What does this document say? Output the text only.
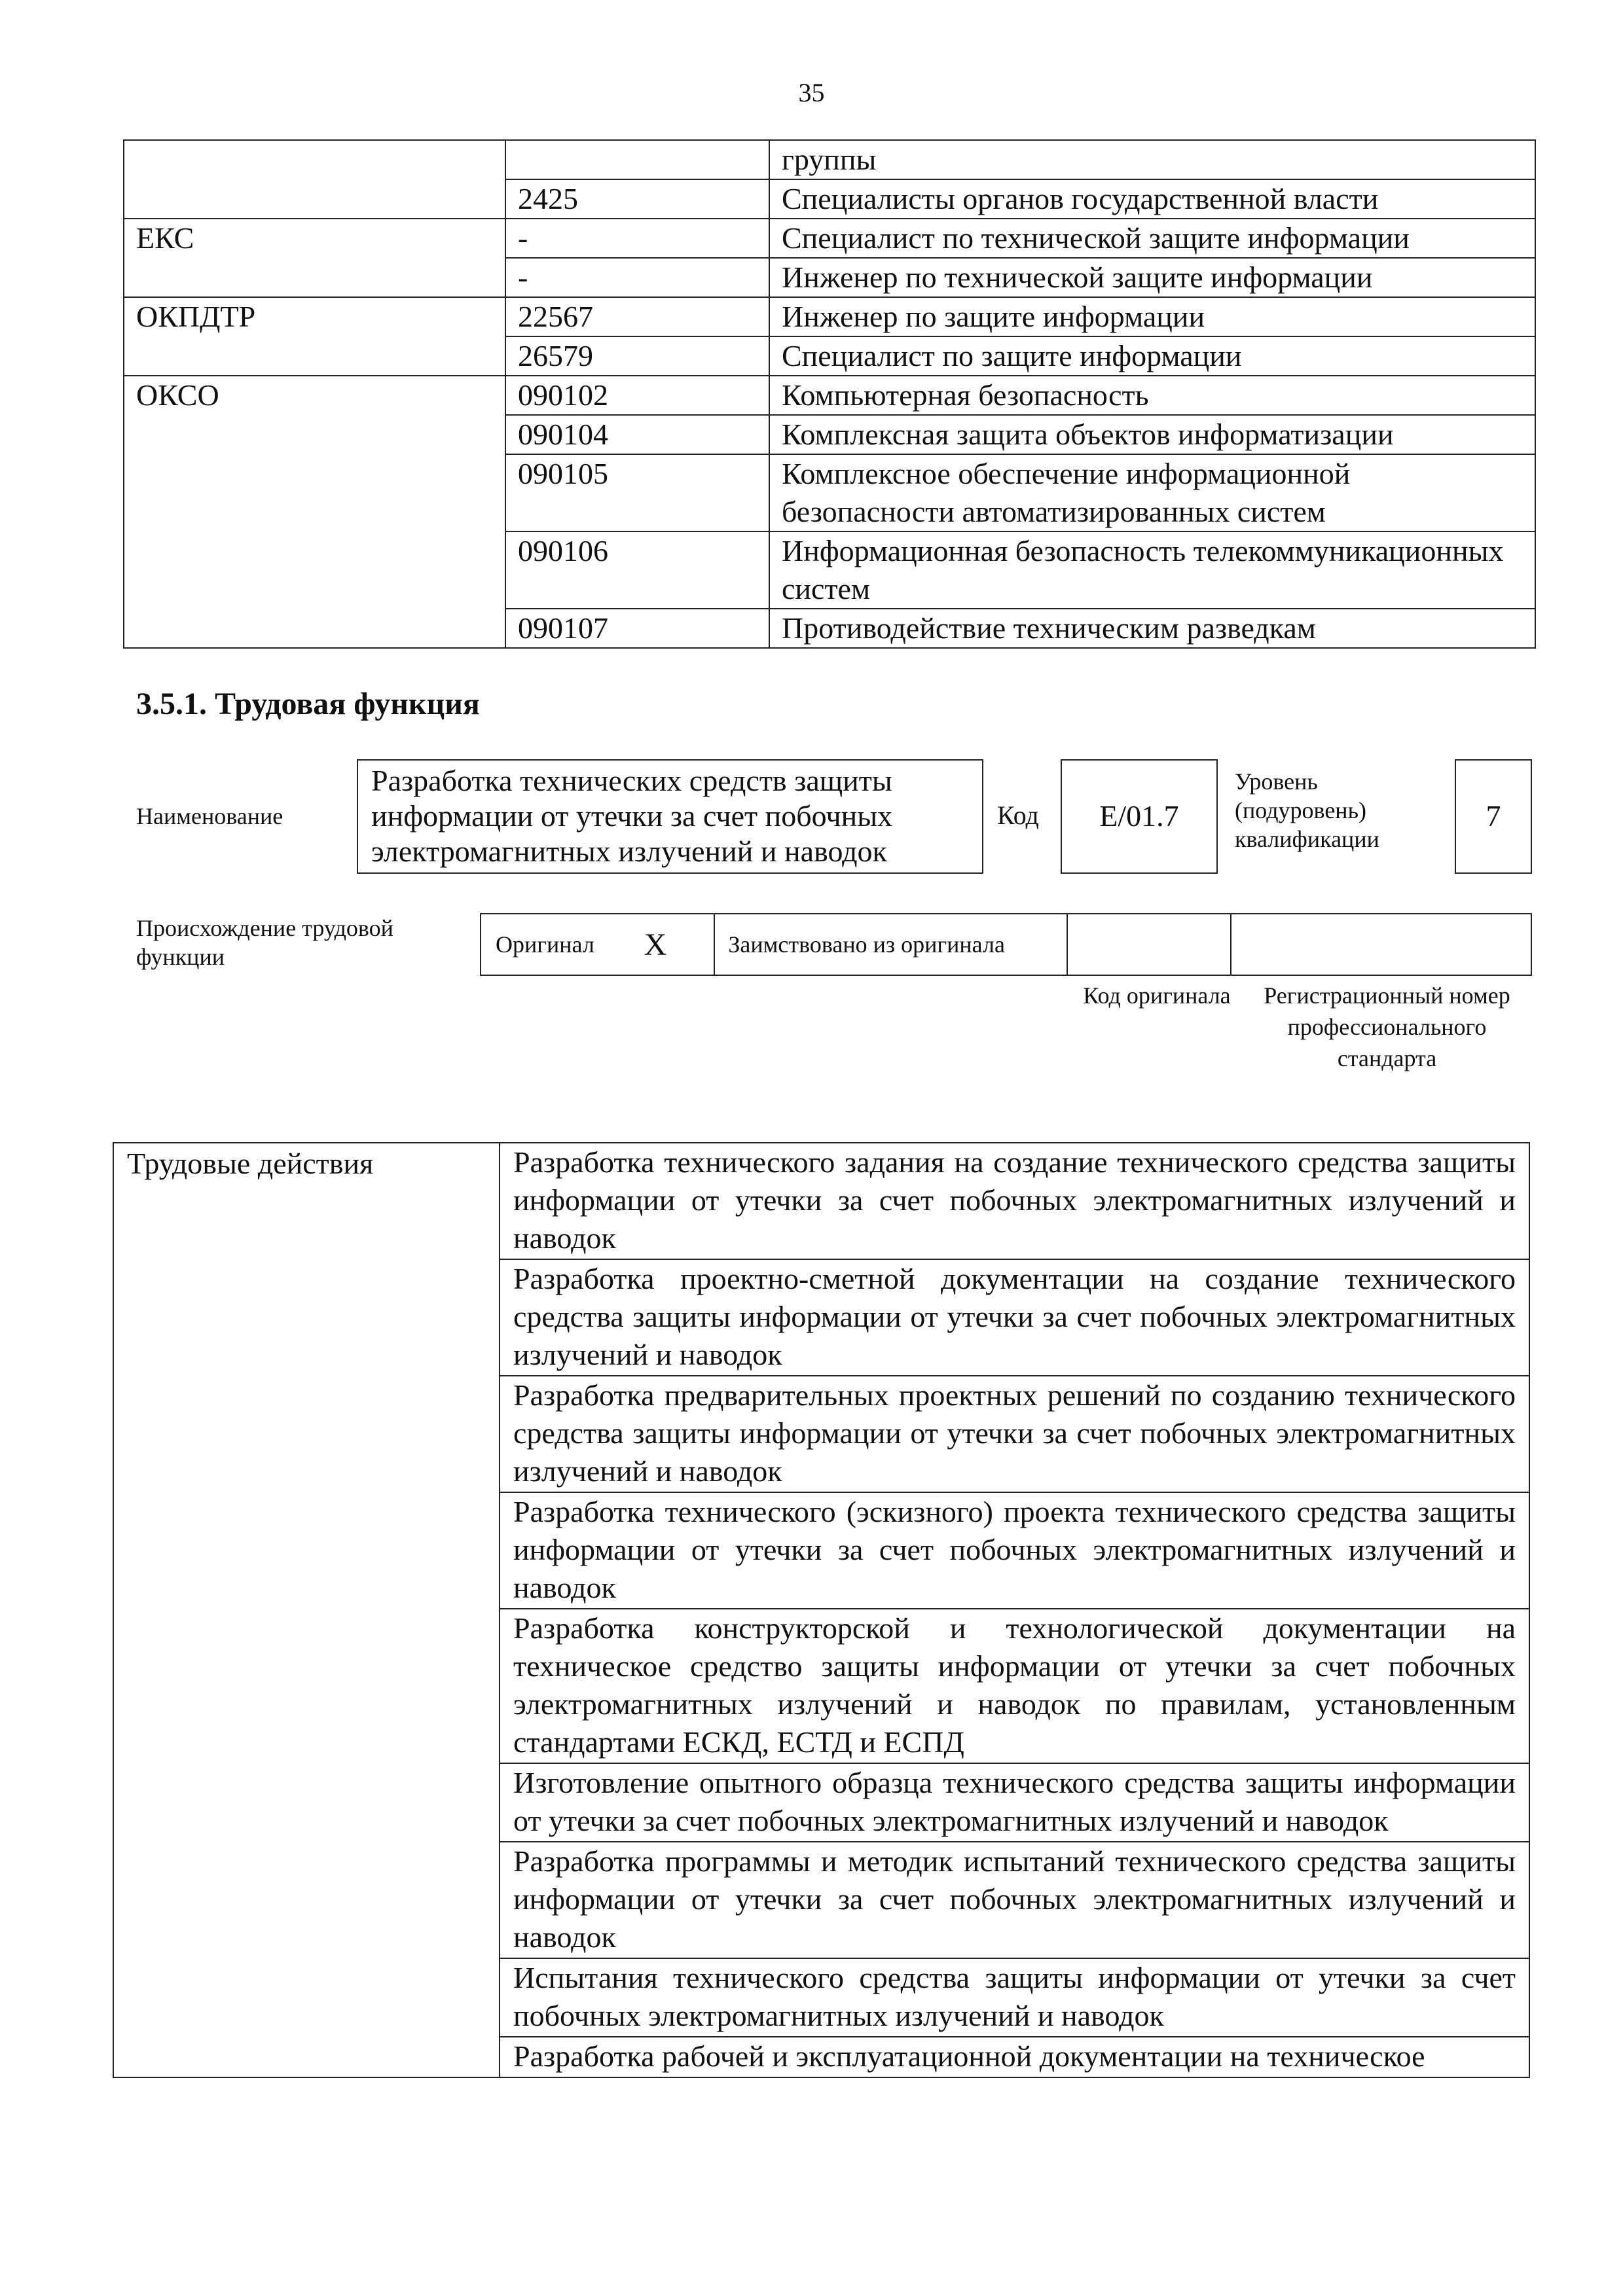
35
		группы
	2425	Специалисты органов государственной власти
ЕКС	-	Специалист по технической защите информации
	-	Инженер по технической защите информации
ОКПДТР	22567	Инженер по защите информации
	26579	Специалист по защите информации
ОКСО	090102	Компьютерная безопасность
	090104	Комплексная защита объектов информатизации
	090105	Комплексное обеспечение информационной безопасности автоматизированных систем
	090106	Информационная безопасность телекоммуникационных систем
	090107	Противодействие техническим разведкам
3.5.1. Трудовая функция
Наименование
Разработка технических средств защиты информации от утечки за счет побочных электромагнитных излучений и наводок
Код	E/01.7
Уровень (подуровень) квалификации
7
Происхождение трудовой функции	Оригинал	X	Заимствовано из оригинала		
Код оригинала	Регистрационный номер профессионального стандарта
Трудовые действия	Разработка технического задания на создание технического средства защиты информации от утечки за счет побочных электромагнитных излучений и наводок
Разработка проектно-сметной документации на создание технического средства защиты информации от утечки за счет побочных электромагнитных излучений и наводок
Разработка предварительных проектных решений по созданию технического средства защиты информации от утечки за счет побочных электромагнитных излучений и наводок
Разработка технического (эскизного) проекта технического средства защиты информации от утечки за счет побочных электромагнитных излучений и наводок
Разработка конструкторской и технологической документации на техническое средство защиты информации от утечки за счет побочных электромагнитных излучений и наводок по правилам, установленным стандартами ЕСКД, ЕСТД и ЕСПД
Изготовление опытного образца технического средства защиты информации от утечки за счет побочных электромагнитных излучений и наводок
Разработка программы и методик испытаний технического средства защиты информации от утечки за счет побочных электромагнитных излучений и наводок
Испытания технического средства защиты информации от утечки за счет побочных электромагнитных излучений и наводок
Разработка рабочей и эксплуатационной документации на техническое
